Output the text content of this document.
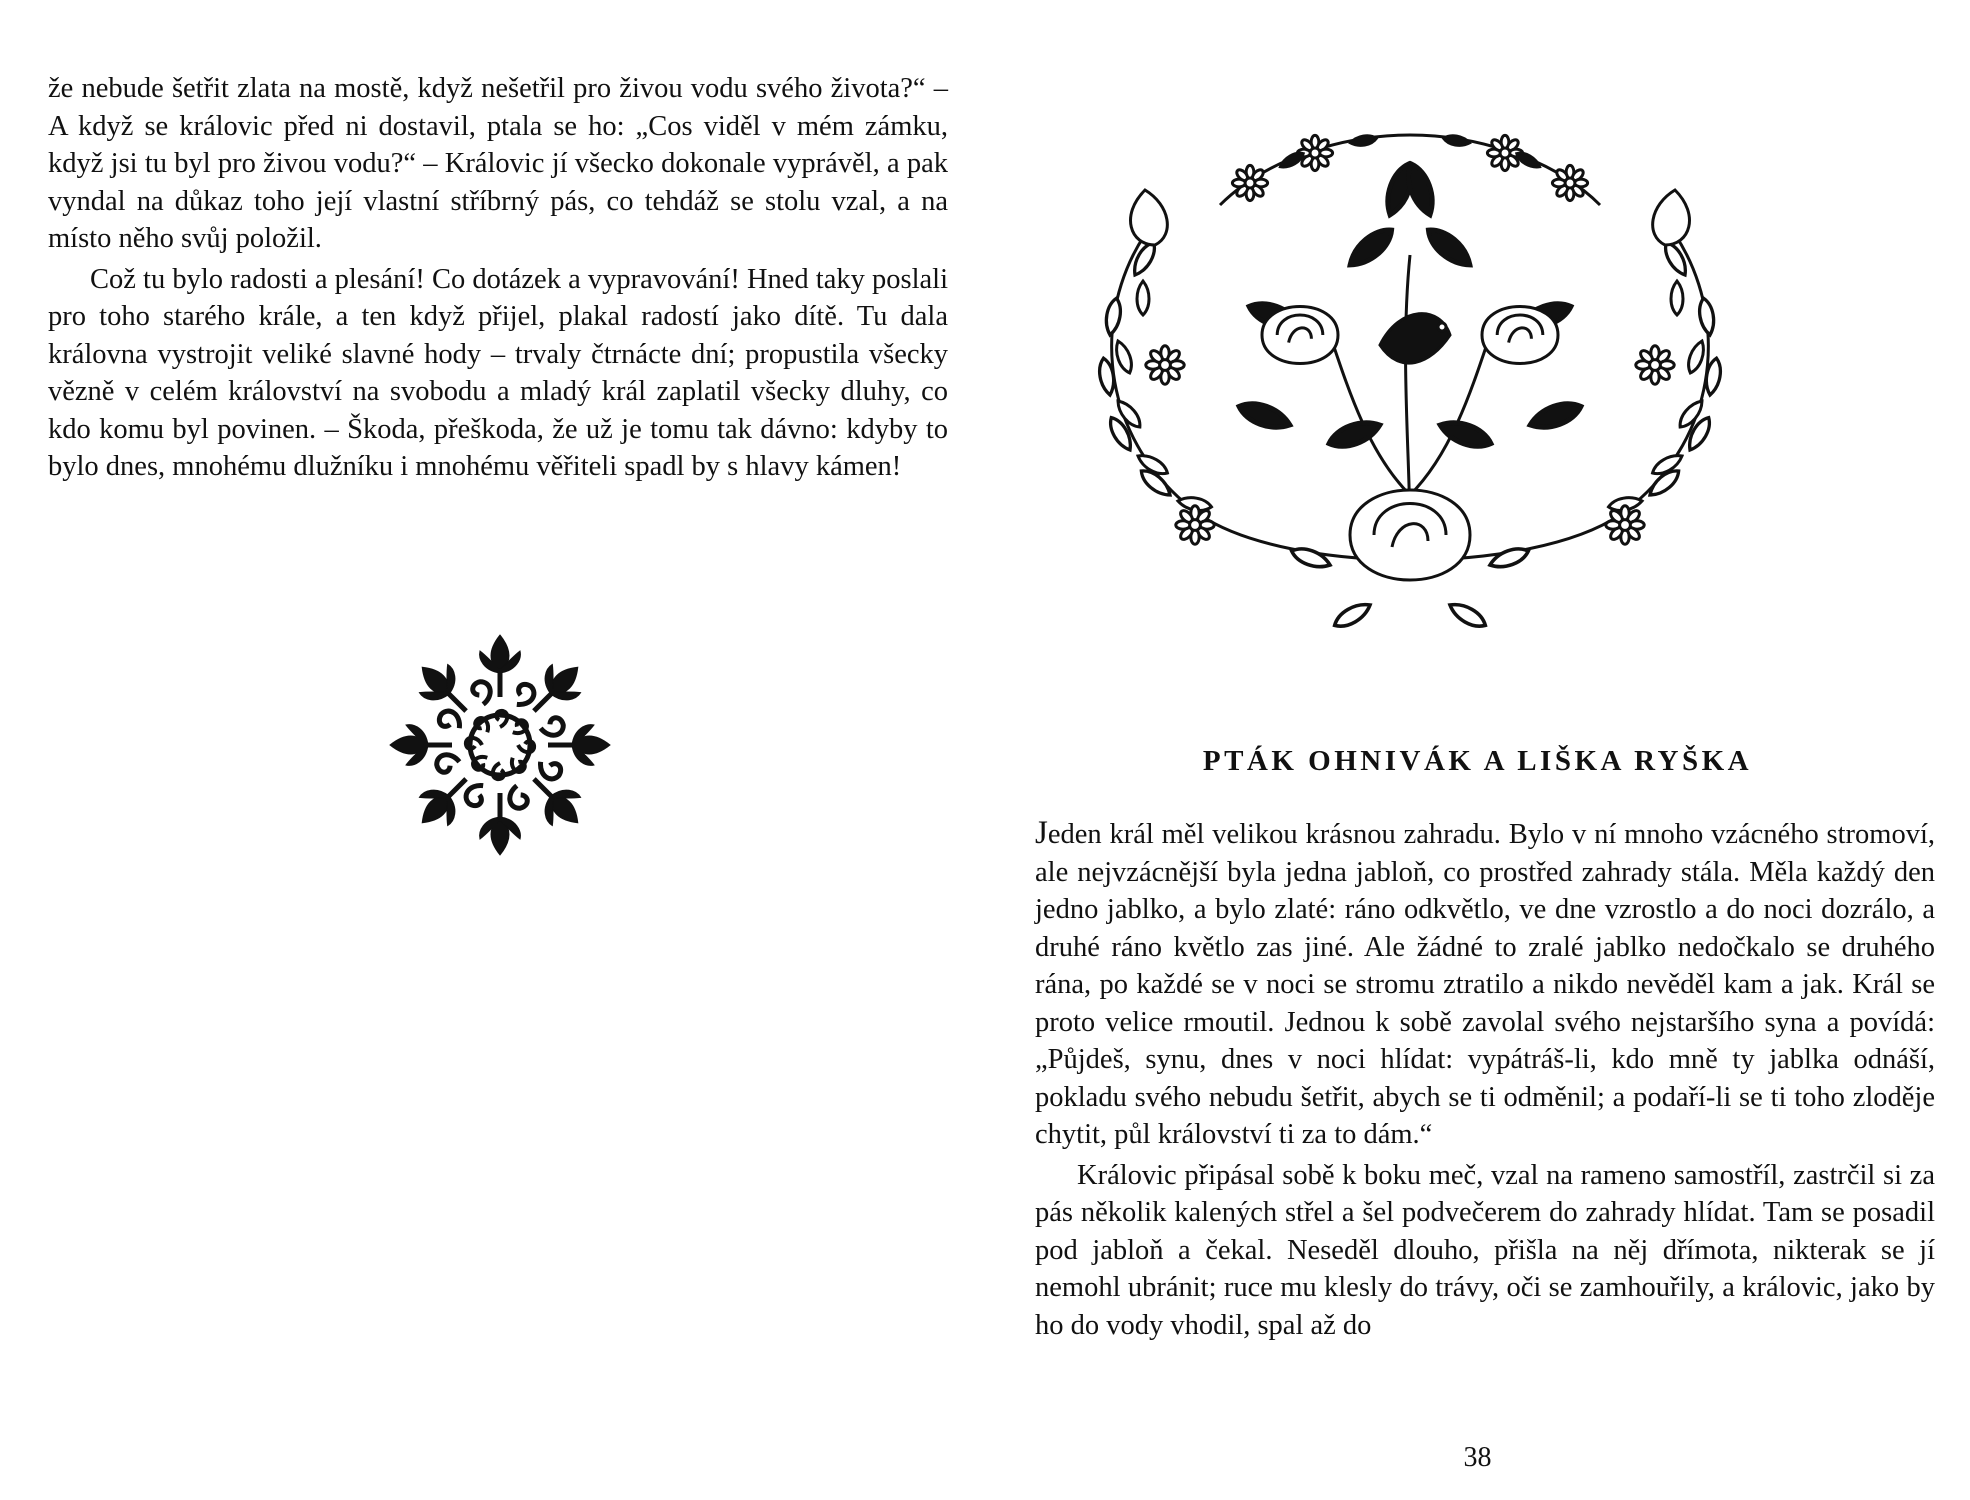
že nebude šetřit zlata na mostě, když nešetřil pro živou vodu svého života?“ – A když se královic před ni dostavil, ptala se ho: „Cos viděl v mém zámku, když jsi tu byl pro živou vodu?“ – Královic jí všecko dokonale vyprávěl, a pak vyndal na důkaz toho její vlastní stříbrný pás, co tehdáž se stolu vzal, a na místo něho svůj položil.

Což tu bylo radosti a plesání! Co dotázek a vypravování! Hned taky poslali pro toho starého krále, a ten když přijel, plakal radostí jako dítě. Tu dala královna vystrojit veliké slavné hody – trvaly čtrnácte dní; propustila všecky vězně v celém království na svobodu a mladý král zaplatil všecky dluhy, co kdo komu byl povinen. – Škoda, přeškoda, že už je tomu tak dávno: kdyby to bylo dnes, mnohému dlužníku i mnohému věřiteli spadl by s hlavy kámen!

PTÁK OHNIVÁK A LIŠKA RYŠKA

Jeden král měl velikou krásnou zahradu. Bylo v ní mnoho vzácného stromoví, ale nejvzácnější byla jedna jabloň, co prostřed zahrady stála. Měla každý den jedno jablko, a bylo zlaté: ráno odkvětlo, ve dne vzrostlo a do noci dozrálo, a druhé ráno květlo zas jiné. Ale žádné to zralé jablko nedočkalo se druhého rána, po každé se v noci se stromu ztratilo a nikdo nevěděl kam a jak. Král se proto velice rmoutil. Jednou k sobě zavolal svého nejstaršího syna a povídá: „Půjdeš, synu, dnes v noci hlídat: vypátráš-li, kdo mně ty jablka odnáší, pokladu svého nebudu šetřit, abych se ti odměnil; a podaří-li se ti toho zloděje chytit, půl království ti za to dám.“

Královic připásal sobě k boku meč, vzal na rameno samostříl, zastrčil si za pás několik kalených střel a šel podvečerem do zahrady hlídat. Tam se posadil pod jabloň a čekal. Neseděl dlouho, přišla na něj dřímota, nikterak se jí nemohl ubránit; ruce mu klesly do trávy, oči se zamhouřily, a královic, jako by ho do vody vhodil, spal až do

38
